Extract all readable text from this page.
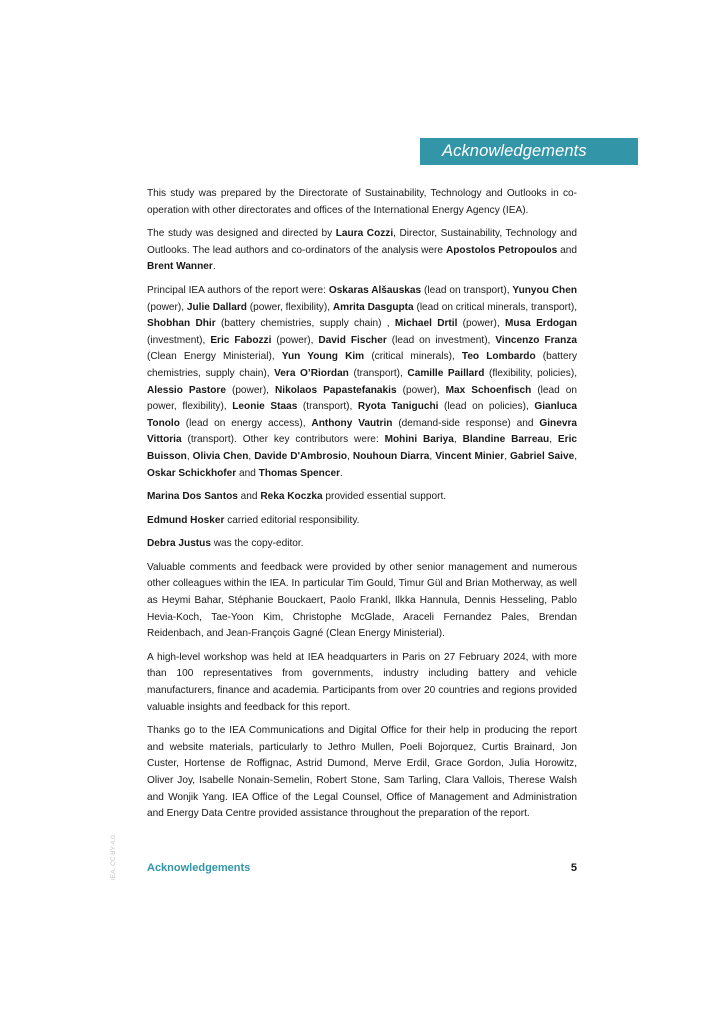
Acknowledgements

This study was prepared by the Directorate of Sustainability, Technology and Outlooks in co-operation with other directorates and offices of the International Energy Agency (IEA).

The study was designed and directed by Laura Cozzi, Director, Sustainability, Technology and Outlooks. The lead authors and co-ordinators of the analysis were Apostolos Petropoulos and Brent Wanner.

Principal IEA authors of the report were: Oskaras Alšauskas (lead on transport), Yunyou Chen (power), Julie Dallard (power, flexibility), Amrita Dasgupta (lead on critical minerals, transport), Shobhan Dhir (battery chemistries, supply chain) , Michael Drtil (power), Musa Erdogan (investment), Eric Fabozzi (power), David Fischer (lead on investment), Vincenzo Franza (Clean Energy Ministerial), Yun Young Kim (critical minerals), Teo Lombardo (battery chemistries, supply chain), Vera O’Riordan (transport), Camille Paillard (flexibility, policies), Alessio Pastore (power), Nikolaos Papastefanakis (power), Max Schoenfisch (lead on power, flexibility), Leonie Staas (transport), Ryota Taniguchi (lead on policies), Gianluca Tonolo (lead on energy access), Anthony Vautrin (demand-side response) and Ginevra Vittoria (transport). Other key contributors were: Mohini Bariya, Blandine Barreau, Eric Buisson, Olivia Chen, Davide D'Ambrosio, Nouhoun Diarra, Vincent Minier, Gabriel Saive, Oskar Schickhofer and Thomas Spencer.

Marina Dos Santos and Reka Koczka provided essential support.

Edmund Hosker carried editorial responsibility.

Debra Justus was the copy-editor.

Valuable comments and feedback were provided by other senior management and numerous other colleagues within the IEA. In particular Tim Gould, Timur Gül and Brian Motherway, as well as Heymi Bahar, Stéphanie Bouckaert, Paolo Frankl, Ilkka Hannula, Dennis Hesseling, Pablo Hevia-Koch, Tae-Yoon Kim, Christophe McGlade, Araceli Fernandez Pales, Brendan Reidenbach, and Jean-François Gagné (Clean Energy Ministerial).

A high-level workshop was held at IEA headquarters in Paris on 27 February 2024, with more than 100 representatives from governments, industry including battery and vehicle manufacturers, finance and academia. Participants from over 20 countries and regions provided valuable insights and feedback for this report.

Thanks go to the IEA Communications and Digital Office for their help in producing the report and website materials, particularly to Jethro Mullen, Poeli Bojorquez, Curtis Brainard, Jon Custer, Hortense de Roffignac, Astrid Dumond, Merve Erdil, Grace Gordon, Julia Horowitz, Oliver Joy, Isabelle Nonain-Semelin, Robert Stone, Sam Tarling, Clara Vallois, Therese Walsh and Wonjik Yang. IEA Office of the Legal Counsel, Office of Management and Administration and Energy Data Centre provided assistance throughout the preparation of the report.

IEA. CC BY 4.0.	Acknowledgements	5
